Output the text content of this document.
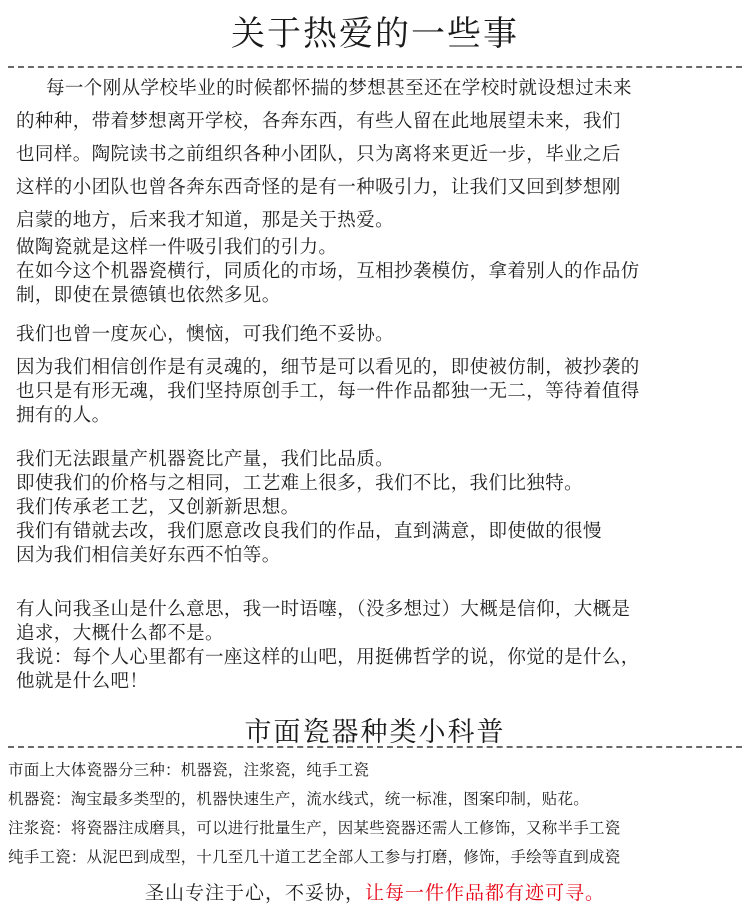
关于热爱的一些事
每一个刚从学校毕业的时候都怀揣的梦想甚至还在学校时就设想过未来
的种种，带着梦想离开学校，各奔东西，有些人留在此地展望未来，我们
也同样。陶院读书之前组织各种小团队，只为离将来更近一步，毕业之后
这样的小团队也曾各奔东西奇怪的是有一种吸引力，让我们又回到梦想刚
启蒙的地方，后来我才知道，那是关于热爱。
做陶瓷就是这样一件吸引我们的引力。
在如今这个机器瓷横行，同质化的市场，互相抄袭模仿，拿着别人的作品仿
制，即使在景德镇也依然多见。
我们也曾一度灰心，懊恼，可我们绝不妥协。
因为我们相信创作是有灵魂的，细节是可以看见的，即使被仿制，被抄袭的
也只是有形无魂，我们坚持原创手工，每一件作品都独一无二，等待着值得
拥有的人。
我们无法跟量产机器瓷比产量，我们比品质。
即使我们的价格与之相同，工艺难上很多，我们不比，我们比独特。
我们传承老工艺，又创新新思想。
我们有错就去改，我们愿意改良我们的作品，直到满意，即使做的很慢
因为我们相信美好东西不怕等。
有人问我圣山是什么意思，我一时语噻，（没多想过）大概是信仰，大概是
追求，大概什么都不是。
我说：每个人心里都有一座这样的山吧，用挺佛哲学的说，你觉的是什么，
他就是什么吧！
市面瓷器种类小科普
市面上大体瓷器分三种：机器瓷，注浆瓷，纯手工瓷
机器瓷：淘宝最多类型的，机器快速生产，流水线式，统一标准，图案印制，贴花。
注浆瓷：将瓷器注成磨具，可以进行批量生产，因某些瓷器还需人工修饰，又称半手工瓷
纯手工瓷：从泥巴到成型，十几至几十道工艺全部人工参与打磨，修饰，手绘等直到成瓷
圣山专注于心，不妥协，让每一件作品都有迹可寻。
